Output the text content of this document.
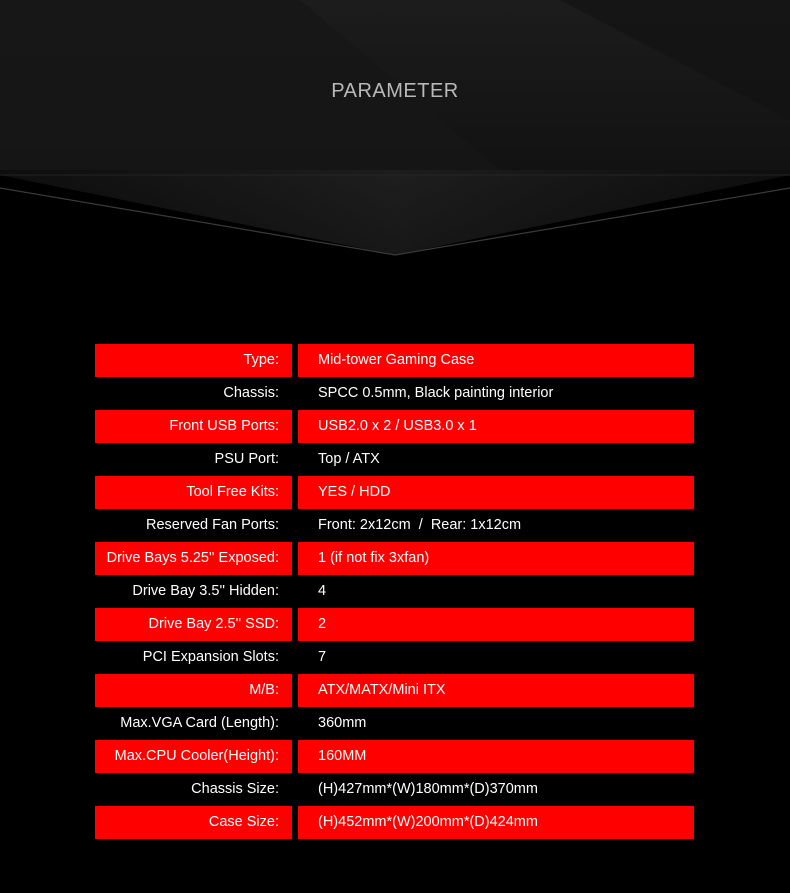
PARAMETER
Type:	Mid-tower Gaming Case
Chassis:	SPCC 0.5mm, Black painting interior
Front USB Ports:	USB2.0 x 2 / USB3.0 x 1
PSU Port:	Top / ATX
Tool Free Kits:	YES / HDD
Reserved Fan Ports:	Front: 2x12cm  /  Rear: 1x12cm
Drive Bays 5.25'' Exposed:	1 (if not fix 3xfan)
Drive Bay 3.5'' Hidden:	4
Drive Bay 2.5'' SSD:	2
PCI Expansion Slots:	7
M/B:	ATX/MATX/Mini ITX
Max.VGA Card (Length):	360mm
Max.CPU Cooler(Height):	160MM
Chassis Size:	(H)427mm*(W)180mm*(D)370mm
Case Size:	(H)452mm*(W)200mm*(D)424mm
